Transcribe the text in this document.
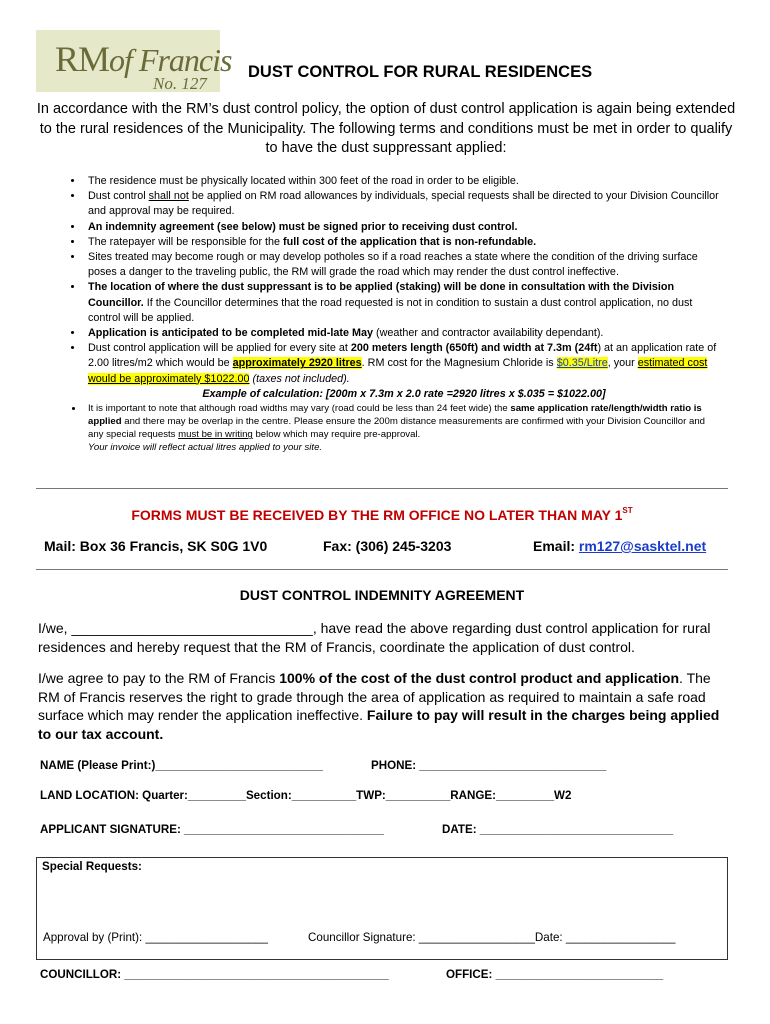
RMof Francis
No. 127
DUST CONTROL FOR RURAL RESIDENCES
In accordance with the RM’s dust control policy, the option of dust control application is again being extended to the rural residences of the Municipality. The following terms and conditions must be met in order to qualify to have the dust suppressant applied:
• The residence must be physically located within 300 feet of the road in order to be eligible.
• Dust control shall not be applied on RM road allowances by individuals, special requests shall be directed to your Division Councillor and approval may be required.
• An indemnity agreement (see below) must be signed prior to receiving dust control.
• The ratepayer will be responsible for the full cost of the application that is non-refundable.
• Sites treated may become rough or may develop potholes so if a road reaches a state where the condition of the driving surface poses a danger to the traveling public, the RM will grade the road which may render the dust control ineffective.
• The location of where the dust suppressant is to be applied (staking) will be done in consultation with the Division Councillor. If the Councillor determines that the road requested is not in condition to sustain a dust control application, no dust control will be applied.
• Application is anticipated to be completed mid-late May (weather and contractor availability dependant).
• Dust control application will be applied for every site at 200 meters length (650ft) and width at 7.3m (24ft) at an application rate of 2.00 litres/m2 which would be approximately 2920 litres. RM cost for the Magnesium Chloride is $0.35/Litre, your estimated cost would be approximately $1022.00 (taxes not included).
Example of calculation: [200m x 7.3m x 2.0 rate =2920 litres x $.035 = $1022.00]
• It is important to note that although road widths may vary (road could be less than 24 feet wide) the same application rate/length/width ratio is applied and there may be overlap in the centre. Please ensure the 200m distance measurements are confirmed with your Division Councillor and any special requests must be in writing below which may require pre-approval.
Your invoice will reflect actual litres applied to your site.
FORMS MUST BE RECEIVED BY THE RM OFFICE NO LATER THAN MAY 1ST
Mail: Box 36 Francis, SK S0G 1V0	Fax: (306) 245-3203	Email: rm127@sasktel.net
DUST CONTROL INDEMNITY AGREEMENT
I/we, _______________________________, have read the above regarding dust control application for rural residences and hereby request that the RM of Francis, coordinate the application of dust control.
I/we agree to pay to the RM of Francis 100% of the cost of the dust control product and application. The RM of Francis reserves the right to grade through the area of application as required to maintain a safe road surface which may render the application ineffective. Failure to pay will result in the charges being applied to our tax account.
NAME (Please Print:)__________________________	PHONE: _____________________________
LAND LOCATION: Quarter:_________Section:__________TWP:__________RANGE:_________W2
APPLICANT SIGNATURE: _______________________________	DATE: ______________________________
Special Requests:
Approval by (Print): ___________________	Councillor Signature: __________________Date: _________________
COUNCILLOR: _________________________________________	OFFICE: __________________________
